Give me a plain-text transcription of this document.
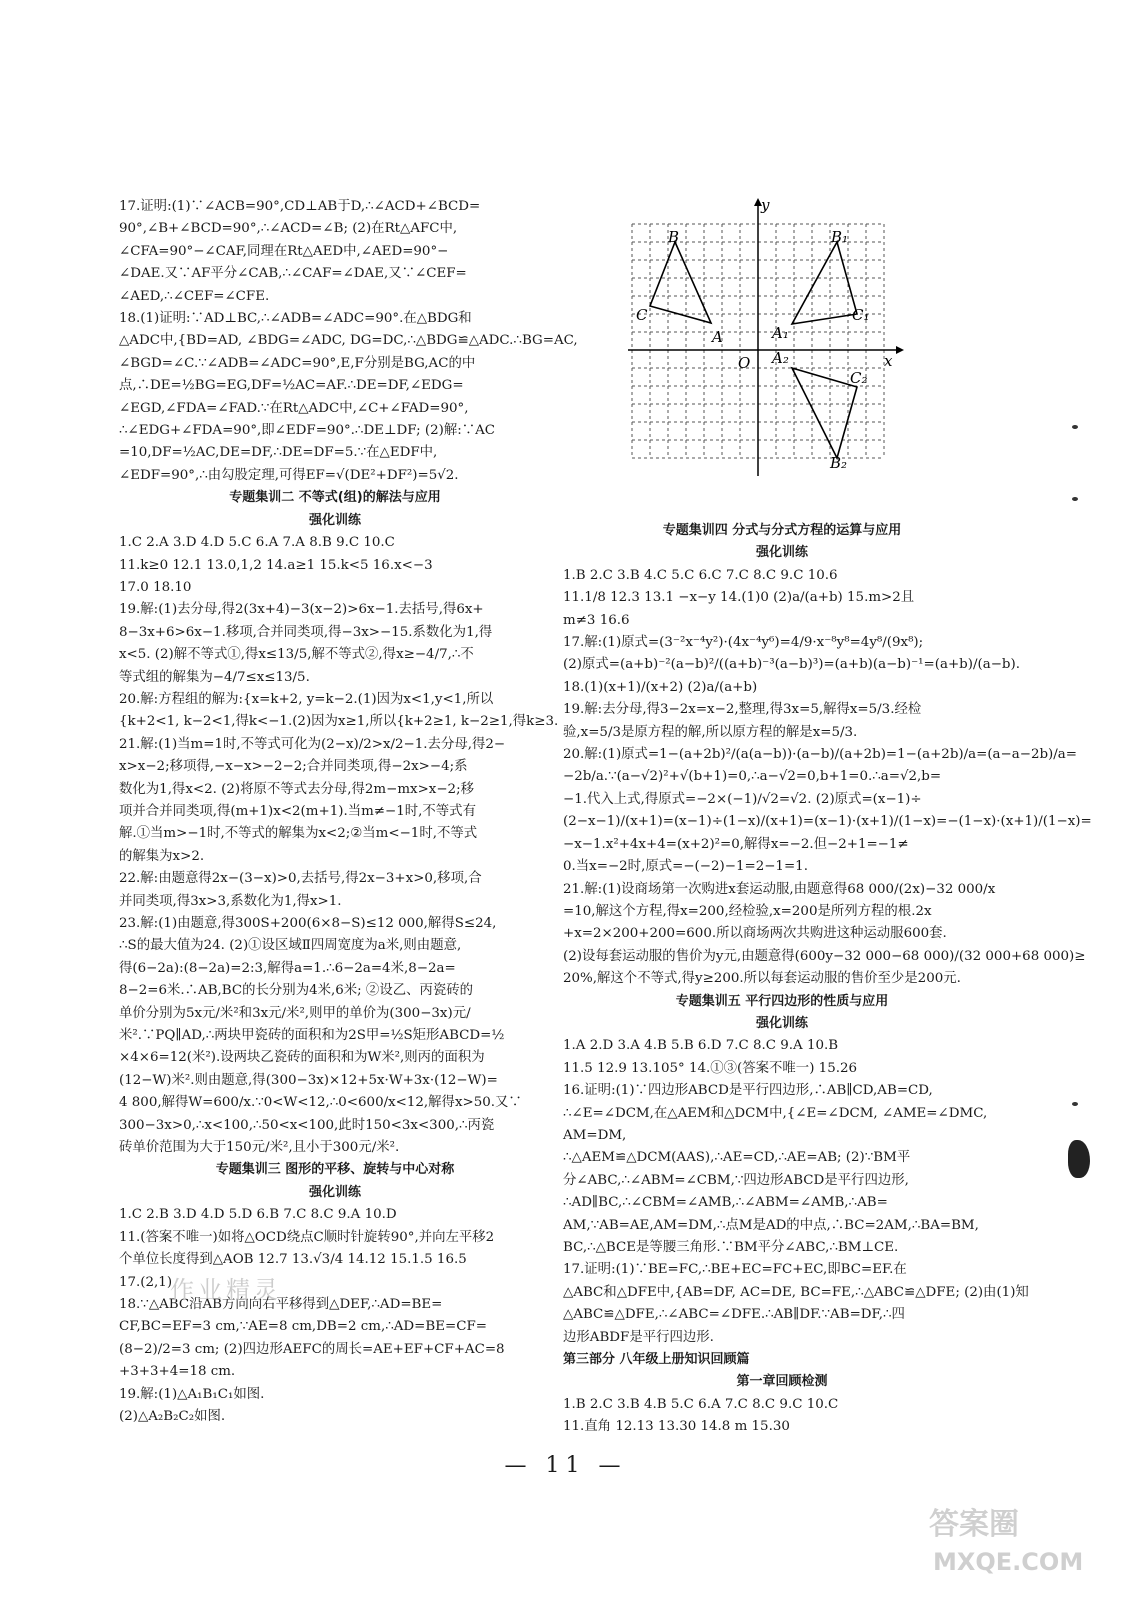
17.证明:(1)∵∠ACB=90°,CD⊥AB于D,∴∠ACD+∠BCD=
90°,∠B+∠BCD=90°,∴∠ACD=∠B; (2)在Rt△AFC中,
∠CFA=90°−∠CAF,同理在Rt△AED中,∠AED=90°−
∠DAE.又∵AF平分∠CAB,∴∠CAF=∠DAE,又∵∠CEF=
∠AED,∴∠CEF=∠CFE.
18.(1)证明:∵AD⊥BC,∴∠ADB=∠ADC=90°.在△BDG和
△ADC中,{BD=AD, ∠BDG=∠ADC, DG=DC,∴△BDG≌△ADC.∴BG=AC,
∠BGD=∠C.∵∠ADB=∠ADC=90°,E,F分别是BG,AC的中
点,∴DE=½BG=EG,DF=½AC=AF.∴DE=DF,∠EDG=
∠EGD,∠FDA=∠FAD.∵在Rt△ADC中,∠C+∠FAD=90°,
∴∠EDG+∠FDA=90°,即∠EDF=90°.∴DE⊥DF; (2)解:∵AC
=10,DF=½AC,DE=DF,∴DE=DF=5.∵在△EDF中,
∠EDF=90°,∴由勾股定理,可得EF=√(DE²+DF²)=5√2.
专题集训二 不等式(组)的解法与应用
强化训练
1.C 2.A 3.D 4.D 5.C 6.A 7.A 8.B 9.C 10.C
11.k≥0 12.1 13.0,1,2 14.a≥1 15.k<5 16.x<−3
17.0 18.10
19.解:(1)去分母,得2(3x+4)−3(x−2)>6x−1.去括号,得6x+
8−3x+6>6x−1.移项,合并同类项,得−3x>−15.系数化为1,得
x<5. (2)解不等式①,得x≤13/5,解不等式②,得x≥−4/7,∴不
等式组的解集为−4/7≤x≤13/5.
20.解:方程组的解为:{x=k+2, y=k−2.(1)因为x<1,y<1,所以
{k+2<1, k−2<1,得k<−1.(2)因为x≥1,所以{k+2≥1, k−2≥1,得k≥3.
21.解:(1)当m=1时,不等式可化为(2−x)/2>x/2−1.去分母,得2−
x>x−2;移项得,−x−x>−2−2;合并同类项,得−2x>−4;系
数化为1,得x<2. (2)将原不等式去分母,得2m−mx>x−2;移
项并合并同类项,得(m+1)x<2(m+1).当m≠−1时,不等式有
解.①当m>−1时,不等式的解集为x<2;②当m<−1时,不等式
的解集为x>2.
22.解:由题意得2x−(3−x)>0,去括号,得2x−3+x>0,移项,合
并同类项,得3x>3,系数化为1,得x>1.
23.解:(1)由题意,得300S+200(6×8−S)≤12 000,解得S≤24,
∴S的最大值为24. (2)①设区域Ⅱ四周宽度为a米,则由题意,
得(6−2a):(8−2a)=2:3,解得a=1.∴6−2a=4米,8−2a=
8−2=6米.∴AB,BC的长分别为4米,6米; ②设乙、丙瓷砖的
单价分别为5x元/米²和3x元/米²,则甲的单价为(300−3x)元/
米².∵PQ∥AD,∴两块甲瓷砖的面积和为2S甲=½S矩形ABCD=½
×4×6=12(米²).设两块乙瓷砖的面积和为W米²,则丙的面积为
(12−W)米².则由题意,得(300−3x)×12+5x·W+3x·(12−W)=
4 800,解得W=600/x.∵0<W<12,∴0<600/x<12,解得x>50.又∵
300−3x>0,∴x<100,∴50<x<100,此时150<3x<300,∴丙瓷
砖单价范围为大于150元/米²,且小于300元/米².
专题集训三 图形的平移、旋转与中心对称
强化训练
1.C 2.B 3.D 4.D 5.D 6.B 7.C 8.C 9.A 10.D
11.(答案不唯一)如将△OCD绕点C顺时针旋转90°,并向左平移2
个单位长度得到△AOB 12.7 13.√3/4 14.12 15.1.5 16.5
17.(2,1)
18.∵△ABC沿AB方向向右平移得到△DEF,∴AD=BE=
CF,BC=EF=3 cm,∵AE=8 cm,DB=2 cm,∴AD=BE=CF=
(8−2)/2=3 cm; (2)四边形AEFC的周长=AE+EF+CF+AC=8
+3+3+4=18 cm.
19.解:(1)△A₁B₁C₁如图.
(2)△A₂B₂C₂如图.
y
x
O
B
C
A
B₁
A₁
C₁
A₂
C₂
B₂
专题集训四 分式与分式方程的运算与应用
强化训练
1.B 2.C 3.B 4.C 5.C 6.C 7.C 8.C 9.C 10.6
11.1/8 12.3 13.1 −x−y 14.(1)0 (2)a/(a+b) 15.m>2且
m≠3 16.6
17.解:(1)原式=(3⁻²x⁻⁴y²)·(4x⁻⁴y⁶)=4/9·x⁻⁸y⁸=4y⁸/(9x⁸);
(2)原式=(a+b)⁻²(a−b)²/((a+b)⁻³(a−b)³)=(a+b)(a−b)⁻¹=(a+b)/(a−b).
18.(1)(x+1)/(x+2) (2)a/(a+b)
19.解:去分母,得3−2x=x−2,整理,得3x=5,解得x=5/3.经检
验,x=5/3是原方程的解,所以原方程的解是x=5/3.
20.解:(1)原式=1−(a+2b)²/(a(a−b))·(a−b)/(a+2b)=1−(a+2b)/a=(a−a−2b)/a=
−2b/a.∵(a−√2)²+√(b+1)=0,∴a−√2=0,b+1=0.∴a=√2,b=
−1.代入上式,得原式=−2×(−1)/√2=√2. (2)原式=(x−1)÷
(2−x−1)/(x+1)=(x−1)÷(1−x)/(x+1)=(x−1)·(x+1)/(1−x)=−(1−x)·(x+1)/(1−x)=
−x−1.x²+4x+4=(x+2)²=0,解得x=−2.但−2+1=−1≠
0.当x=−2时,原式=−(−2)−1=2−1=1.
21.解:(1)设商场第一次购进x套运动服,由题意得68 000/(2x)−32 000/x
=10,解这个方程,得x=200,经检验,x=200是所列方程的根.2x
+x=2×200+200=600.所以商场两次共购进这种运动服600套.
(2)设每套运动服的售价为y元,由题意得(600y−32 000−68 000)/(32 000+68 000)≥
20%,解这个不等式,得y≥200.所以每套运动服的售价至少是200元.
专题集训五 平行四边形的性质与应用
强化训练
1.A 2.D 3.A 4.B 5.B 6.D 7.C 8.C 9.A 10.B
11.5 12.9 13.105° 14.①③(答案不唯一) 15.26
16.证明:(1)∵四边形ABCD是平行四边形,∴AB∥CD,AB=CD,
∴∠E=∠DCM,在△AEM和△DCM中,{∠E=∠DCM, ∠AME=∠DMC,
AM=DM,
∴△AEM≌△DCM(AAS),∴AE=CD,∴AE=AB; (2)∵BM平
分∠ABC,∴∠ABM=∠CBM,∵四边形ABCD是平行四边形,
∴AD∥BC,∴∠CBM=∠AMB,∴∠ABM=∠AMB,∴AB=
AM,∵AB=AE,AM=DM,∴点M是AD的中点,∴BC=2AM,∴BA=BM,
BC,∴△BCE是等腰三角形.∵BM平分∠ABC,∴BM⊥CE.
17.证明:(1)∵BE=FC,∴BE+EC=FC+EC,即BC=EF.在
△ABC和△DFE中,{AB=DF, AC=DE, BC=FE,∴△ABC≌△DFE; (2)由(1)知
△ABC≌△DFE,∴∠ABC=∠DFE.∴AB∥DF.∵AB=DF,∴四
边形ABDF是平行四边形.
第三部分 八年级上册知识回顾篇
第一章回顾检测
1.B 2.C 3.B 4.B 5.C 6.A 7.C 8.C 9.C 10.C
11.直角 12.13 13.30 14.8 m 15.30
作业精灵
— 11 —
答案圈
MXQE.COM
